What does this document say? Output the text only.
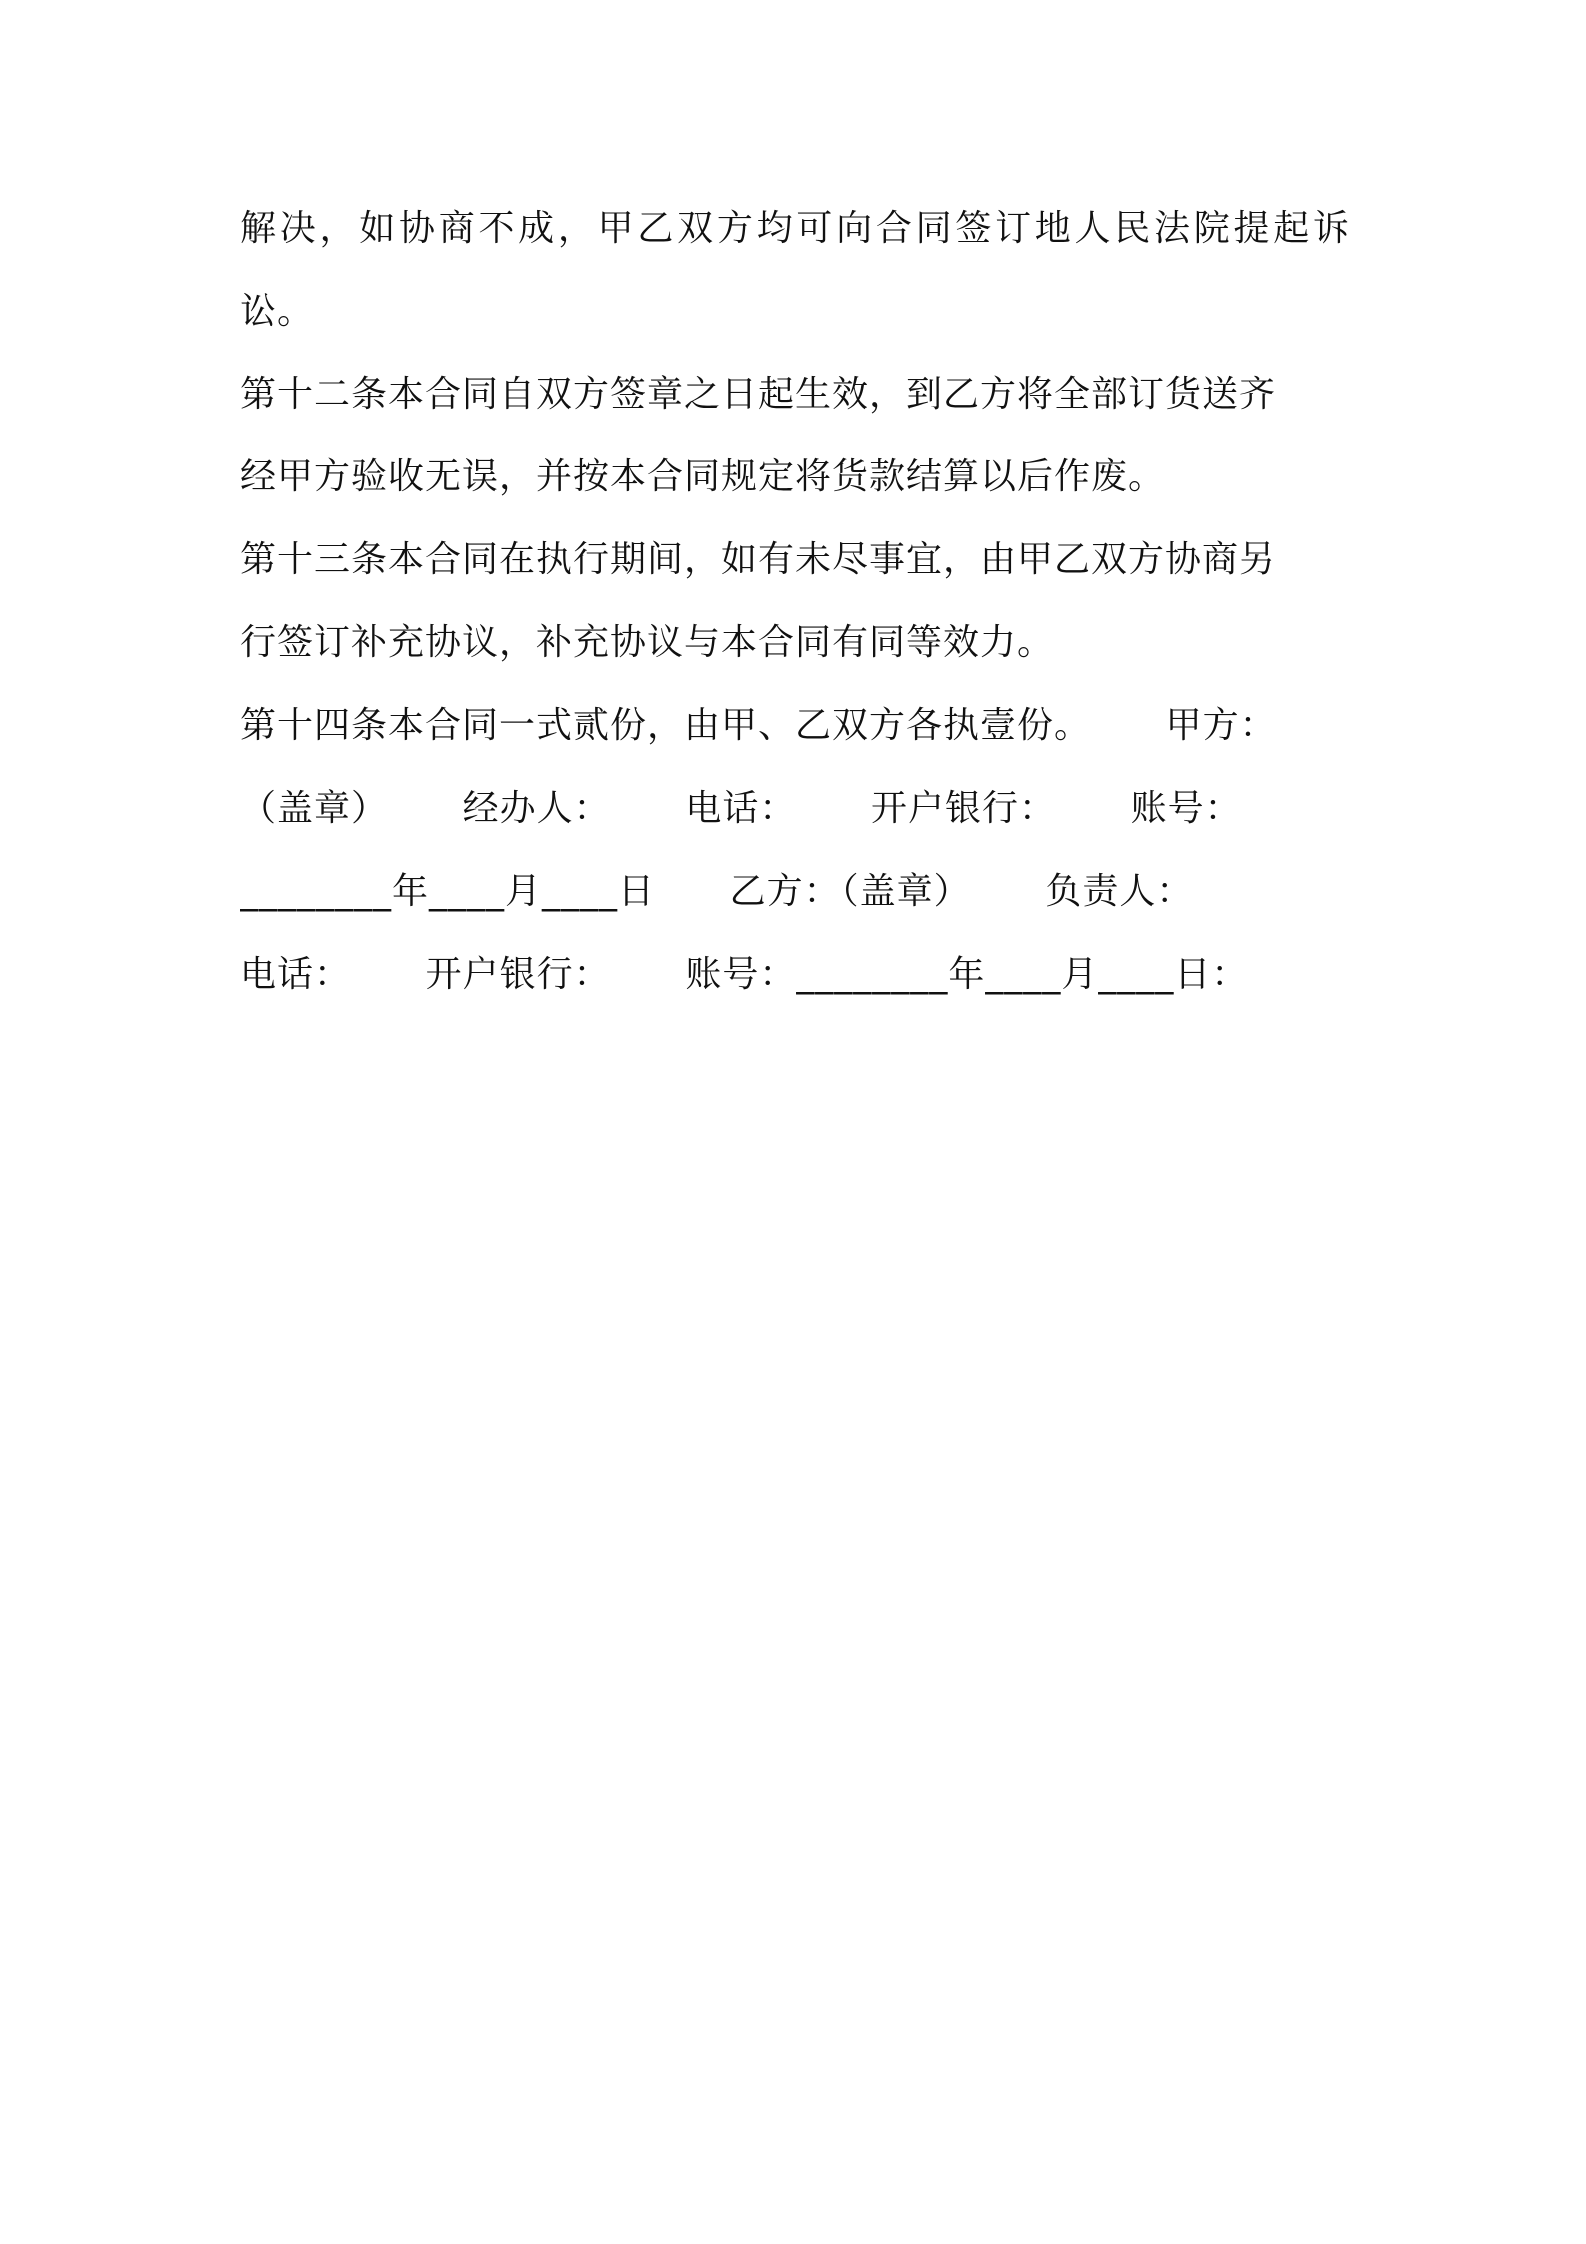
解决，如协商不成，甲乙双方均可向合同签订地人民法院提起诉
讼。
第十二条本合同自双方签章之日起生效，到乙方将全部订货送齐
经甲方验收无误，并按本合同规定将货款结算以后作废。
第十三条本合同在执行期间，如有未尽事宜，由甲乙双方协商另
行签订补充协议，补充协议与本合同有同等效力。
第十四条本合同一式贰份，由甲、乙双方各执壹份。      甲方：
（盖章）      经办人：      电话：      开户银行：      账号：
________年____月____日      乙方：（盖章）      负责人：
电话：      开户银行：      账号：________年____月____日：
